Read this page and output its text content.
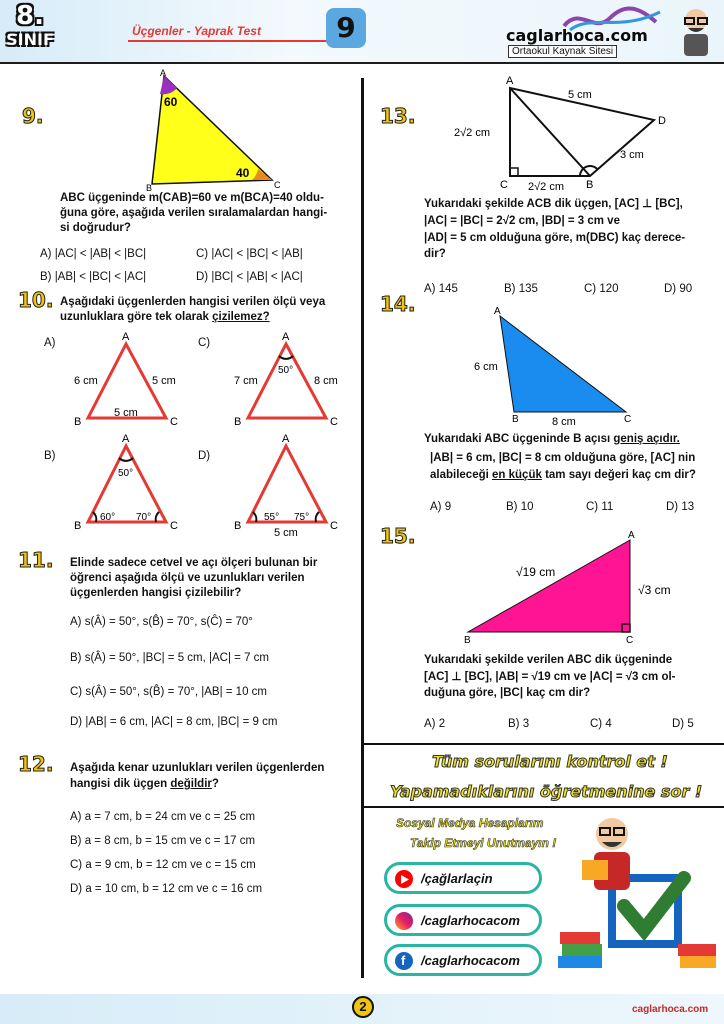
8.
SINIF	Üçgenler - Yaprak Test	9	caglarhoca.com
Ortaokul Kaynak Sitesi
9.
A
B	C
60
40
ABC üçgeninde m(CAB)=60 ve m(BCA)=40 oldu-
ğuna göre, aşağıda verilen sıralamalardan hangi-
si doğrudur?
A) |AC| < |AB| < |BC|	C) |AC| < |BC| < |AB|
B) |AB| < |BC| < |AC|	D) |BC| < |AB| < |AC|
10. Aşağıdaki üçgenlerden hangisi verilen ölçü veya
uzunluklara göre tek olarak çizilemez?
A)	A
B	C
6 cm	5 cm
5 cm
C)	A
B	C
7 cm	8 cm
50°
B)
A
B	C
50°
60° 70°
D)
A
B	C
55° 75°
5 cm
11. Elinde sadece cetvel ve açı ölçeri bulunan bir
öğrenci aşağıda ölçü ve uzunlukları verilen
üçgenlerden hangisi çizilebilir?
A) s(Â) = 50°, s(B̂) = 70°, s(Ĉ) = 70°
B) s(Â) = 50°, |BC| = 5 cm, |AC| = 7 cm
C) s(Â) = 50°, s(B̂) = 70°, |AB| = 10 cm
D) |AB| = 6 cm, |AC| = 8 cm, |BC| = 9 cm
12. Aşağıda kenar uzunlukları verilen üçgenlerden
hangisi dik üçgen değildir?
A) a = 7 cm, b = 24 cm ve c = 25 cm
B) a = 8 cm, b = 15 cm ve c = 17 cm
C) a = 9 cm, b = 12 cm ve c = 15 cm
D) a = 10 cm, b = 12 cm ve c = 16 cm
13.
A
C	B
D
5 cm
2√2 cm
2√2 cm
3 cm
Yukarıdaki şekilde ACB dik üçgen, [AC] ⊥ [BC],
|AC| = |BC| = 2√2 cm, |BD| = 3 cm ve
|AD| = 5 cm olduğuna göre, m(DBC) kaç derece-
dir?
A) 145	B) 135	C) 120	D) 90
14.	A
B	C
6 cm
8 cm
Yukarıdaki ABC üçgeninde B açısı geniş açıdır.
|AB| = 6 cm, |BC| = 8 cm olduğuna göre, [AC] nin
alabileceği en küçük tam sayı değeri kaç cm dir?
A) 9	B) 10	C) 11	D) 13
15.	A
B	C
√19 cm
√3 cm
Yukarıdaki şekilde verilen ABC dik üçgeninde
[AC] ⊥ [BC], |AB| = √19 cm ve |AC| = √3 cm ol-
duğuna göre, |BC| kaç cm dir?
A) 2	B) 3	C) 4	D) 5
Tüm sorularını kontrol et !
Yapamadıklarını öğretmenine sor !
Sosyal Medya Hesaplarım
Takip Etmeyi Unutmayın !
/çağlarlaçin
/caglarhocacom
f /caglarhocacom
2	caglarhoca.com
